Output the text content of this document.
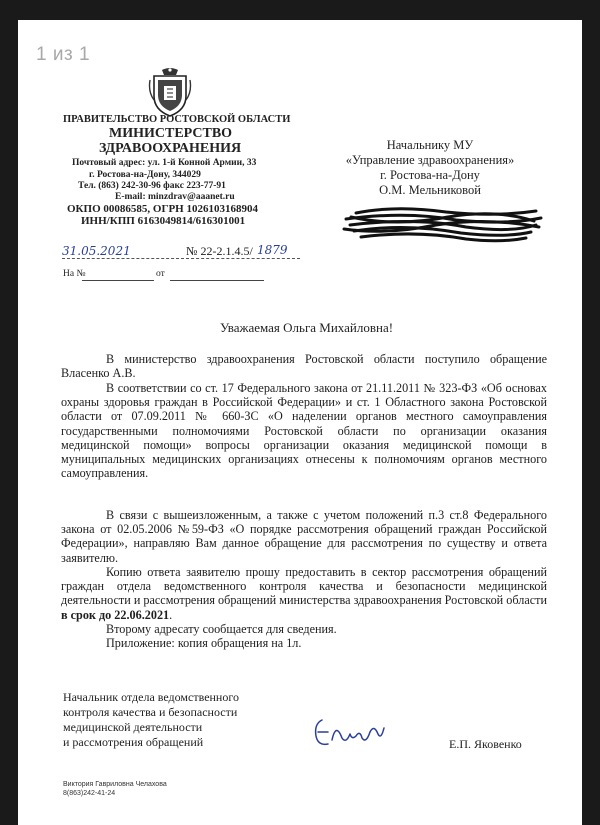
ПРАВИТЕЛЬСТВО РОСТОВСКОЙ ОБЛАСТИ
МИНИСТЕРСТВО
ЗДРАВООХРАНЕНИЯ
Почтовый адрес: ул. 1-й Конной Армии, 33
г. Ростова-на-Дону, 344029
Тел. (863) 242-30-96 факс 223-77-91
E-mail: minzdrav@aaanet.ru
ОКПО 00086585, ОГРН 1026103168904
ИНН/КПП 6163049814/616301001
31.05.2021	№ 22-2.1.4.5/ 1879
На №	от
Начальнику МУ
«Управление здравоохранения»
г. Ростова-на-Дону
О.М. Мельниковой
Уважаемая Ольга Михайловна!
В министерство здравоохранения Ростовской области поступило обращение Власенко А.В.
В соответствии со ст. 17 Федерального закона от 21.11.2011 № 323-ФЗ «Об основах охраны здоровья граждан в Российской Федерации» и ст. 1 Областного закона Ростовской области от 07.09.2011 № 660-ЗС «О наделении органов местного самоуправления государственными полномочиями Ростовской области по организации оказания медицинской помощи» вопросы организации оказания медицинской помощи в муниципальных медицинских организациях отнесены к полномочиям органов местного самоуправления.
В связи с вышеизложенным, а также с учетом положений п.3 ст.8 Федерального закона от 02.05.2006 №59-ФЗ «О порядке рассмотрения обращений граждан Российской Федерации», направляю Вам данное обращение для рассмотрения по существу и ответа заявителю.
Копию ответа заявителю прошу предоставить в сектор рассмотрения обращений граждан отдела ведомственного контроля качества и безопасности медицинской деятельности и рассмотрения обращений министерства здравоохранения Ростовской области в срок до 22.06.2021.
Второму адресату сообщается для сведения.
Приложение: копия обращения на 1л.
Начальник отдела ведомственного
контроля качества и безопасности
медицинской деятельности
и рассмотрения обращений	Е.П. Яковенко
Виктория Гавриловна Челахова
8(863)242-41-24
1 из 1
